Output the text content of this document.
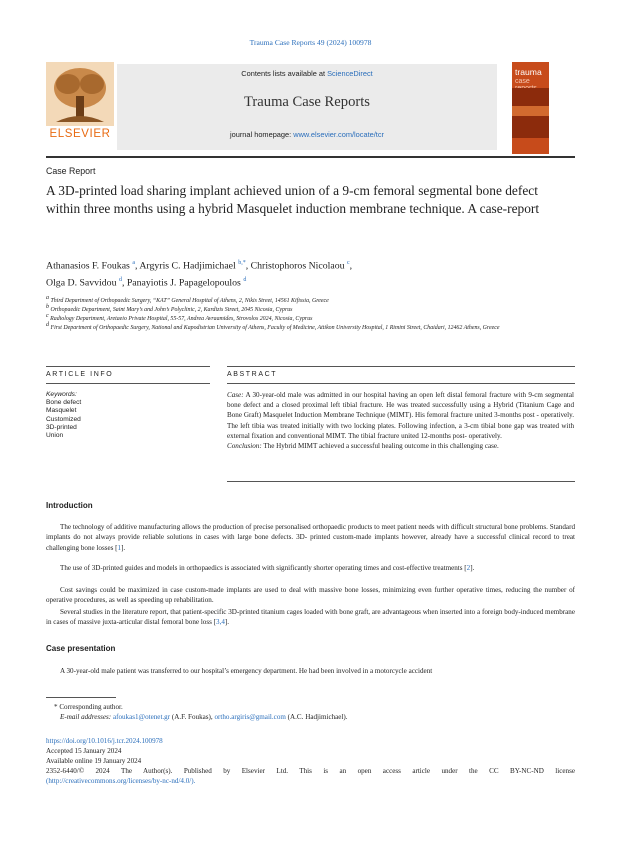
Trauma Case Reports 49 (2024) 100978
ELSEVIER
Contents lists available at ScienceDirect
Trauma Case Reports
journal homepage: www.elsevier.com/locate/tcr
trauma
case
Case Report
A 3D-printed load sharing implant achieved union of a 9-cm femoral segmental bone defect within three months using a hybrid Masquelet induction membrane technique. A case-report
Athanasios F. Foukas $^a$, Argyris C. Hadjimichael $^{b,*}$, Christophoros Nicolaou $^c$,
Olga D. Savvidou $^d$, Panayiotis J. Papagelopoulos $^d$
$^a$ Third Department of Orthopaedic Surgery, “KAT” General Hospital of Athens, 2, Nikis Street, 14561 Kifissia, Greece
$^b$ Orthopaedic Department, Saint Mary’s and John’s Polyclinic, 2, Kardizis Street, 2045 Nicosia, Cyprus
$^c$ Radiology Department, Aretaeio Private Hospital, 55-57, Andrea Avraamides, Strovolos 2024, Nicosia, Cyprus
$^d$ First Department of Orthopaedic Surgery, National and Kapodistrian University of Athens, Faculty of Medicine, Attikon University Hospital, 1 Rimini Street, Chaidari, 12462 Athens, Greece
ARTICLE INFO	ABSTRACT
Keywords:
Bone defect
Masquelet
Customized
3D-printed
Union
Case: A 30-year-old male was admitted in our hospital having an open left distal femoral fracture with 9-cm segmental bone defect and a closed proximal left tibial fracture. He was treated successfully using a Hybrid (Titanium Cage and Bone Graft) Masquelet Induction Membrane Technique (MIMT). His femoral fracture united 3-months post - operatively. The left tibia was treated initially with two locking plates. Following infection, a 3-cm tibial bone gap was treated with external fixation and conventional MIMT. The tibial fracture united 12-months post- operatively.
Conclusion: The Hybrid MIMT achieved a successful healing outcome in this challenging case.
Introduction
The technology of additive manufacturing allows the production of precise personalised orthopaedic products to meet patient needs with difficult structural bone problems. Standard implants do not always provide reliable solutions in cases with large bone defects. 3D- printed custom-made implants however, already have a successful clinical record to treat challenging bone losses [1].
The use of 3D-printed guides and models in orthopaedics is associated with significantly shorter operating times and cost-effective treatments [2].
Cost savings could be maximized in case custom-made implants are used to deal with massive bone losses, minimizing even further operative times, reducing the number of operative procedures, as well as speeding up rehabilitation.
Several studies in the literature report, that patient-specific 3D-printed titanium cages loaded with bone graft, are advantageous when inserted into a foreign body-induced membrane in cases of massive juxta-articular distal femoral bone loss [3,4].
Case presentation
A 30-year-old male patient was transferred to our hospital’s emergency department. He had been involved in a motorcycle accident
* Corresponding author.
E-mail addresses: afoukas1@otenet.gr (A.F. Foukas), ortho.argiris@gmail.com (A.C. Hadjimichael).
https://doi.org/10.1016/j.tcr.2024.100978
Accepted 15 January 2024
Available online 19 January 2024
2352-6440/© 2024 The Author(s). Published by Elsevier Ltd. This is an open access article under the CC BY-NC-ND license
(http://creativecommons.org/licenses/by-nc-nd/4.0/).
